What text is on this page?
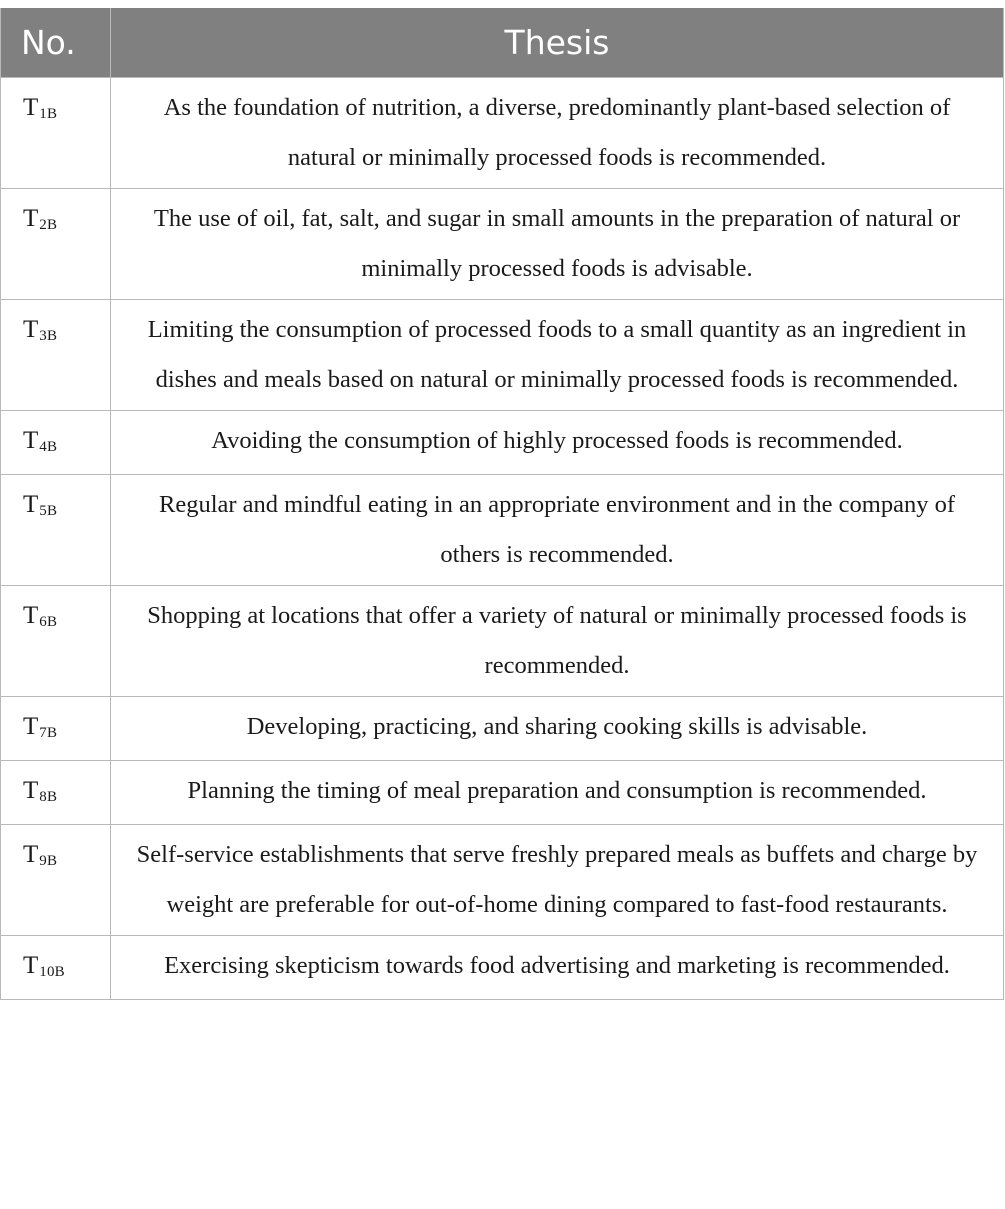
No.	Thesis
$T_{1B}$	As the foundation of nutrition, a diverse, predominantly plant-based selection of natural or minimally processed foods is recommended.
$T_{2B}$	The use of oil, fat, salt, and sugar in small amounts in the preparation of natural or minimally processed foods is advisable.
$T_{3B}$	Limiting the consumption of processed foods to a small quantity as an ingredient in dishes and meals based on natural or minimally processed foods is recommended.
$T_{4B}$	Avoiding the consumption of highly processed foods is recommended.
$T_{5B}$	Regular and mindful eating in an appropriate environment and in the company of others is recommended.
$T_{6B}$	Shopping at locations that offer a variety of natural or minimally processed foods is recommended.
$T_{7B}$	Developing, practicing, and sharing cooking skills is advisable.
$T_{8B}$	Planning the timing of meal preparation and consumption is recommended.
$T_{9B}$	Self-service establishments that serve freshly prepared meals as buffets and charge by weight are preferable for out-of-home dining compared to fast-food restaurants.
$T_{10B}$	Exercising skepticism towards food advertising and marketing is recommended.
